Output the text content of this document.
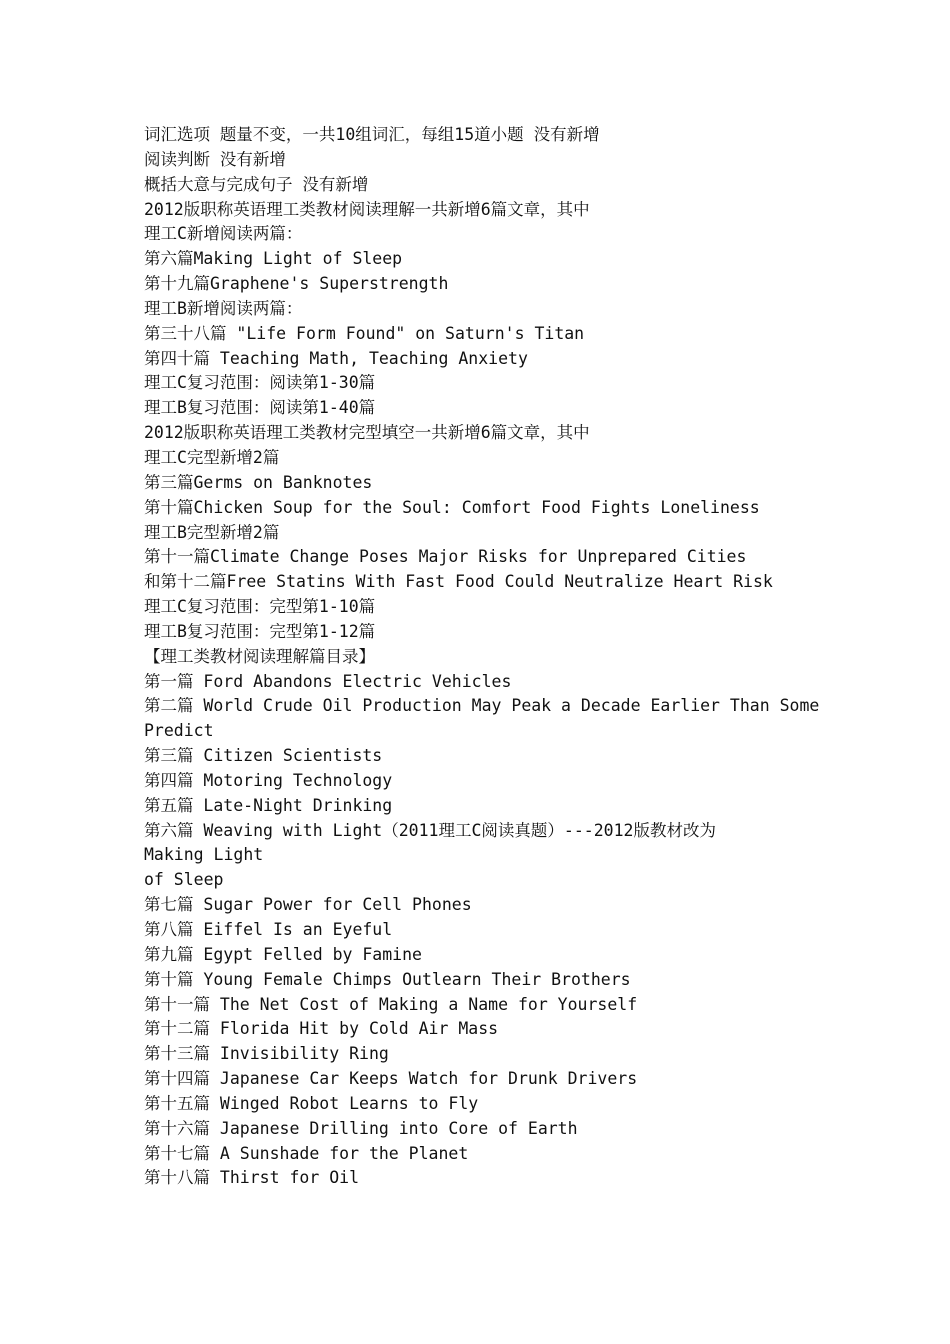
词汇选项 题量不变，一共10组词汇，每组15道小题 没有新增
阅读判断 没有新增
概括大意与完成句子 没有新增
2012版职称英语理工类教材阅读理解一共新增6篇文章，其中
理工C新增阅读两篇：
第六篇Making Light of Sleep
第十九篇Graphene's Superstrength
理工B新增阅读两篇：
第三十八篇 "Life Form Found" on Saturn's Titan
第四十篇 Teaching Math, Teaching Anxiety
理工C复习范围：阅读第1-30篇
理工B复习范围：阅读第1-40篇
2012版职称英语理工类教材完型填空一共新增6篇文章，其中
理工C完型新增2篇
第三篇Germs on Banknotes
第十篇Chicken Soup for the Soul: Comfort Food Fights Loneliness
理工B完型新增2篇
第十一篇Climate Change Poses Major Risks for Unprepared Cities
和第十二篇Free Statins With Fast Food Could Neutralize Heart Risk
理工C复习范围：完型第1-10篇
理工B复习范围：完型第1-12篇
【理工类教材阅读理解篇目录】
第一篇 Ford Abandons Electric Vehicles
第二篇 World Crude Oil Production May Peak a Decade Earlier Than Some
Predict
第三篇 Citizen Scientists
第四篇 Motoring Technology
第五篇 Late-Night Drinking
第六篇 Weaving with Light（2011理工C阅读真题）---2012版教材改为
Making Light
of Sleep
第七篇 Sugar Power for Cell Phones
第八篇 Eiffel Is an Eyeful
第九篇 Egypt Felled by Famine
第十篇 Young Female Chimps Outlearn Their Brothers
第十一篇 The Net Cost of Making a Name for Yourself
第十二篇 Florida Hit by Cold Air Mass
第十三篇 Invisibility Ring
第十四篇 Japanese Car Keeps Watch for Drunk Drivers
第十五篇 Winged Robot Learns to Fly
第十六篇 Japanese Drilling into Core of Earth
第十七篇 A Sunshade for the Planet
第十八篇 Thirst for Oil
